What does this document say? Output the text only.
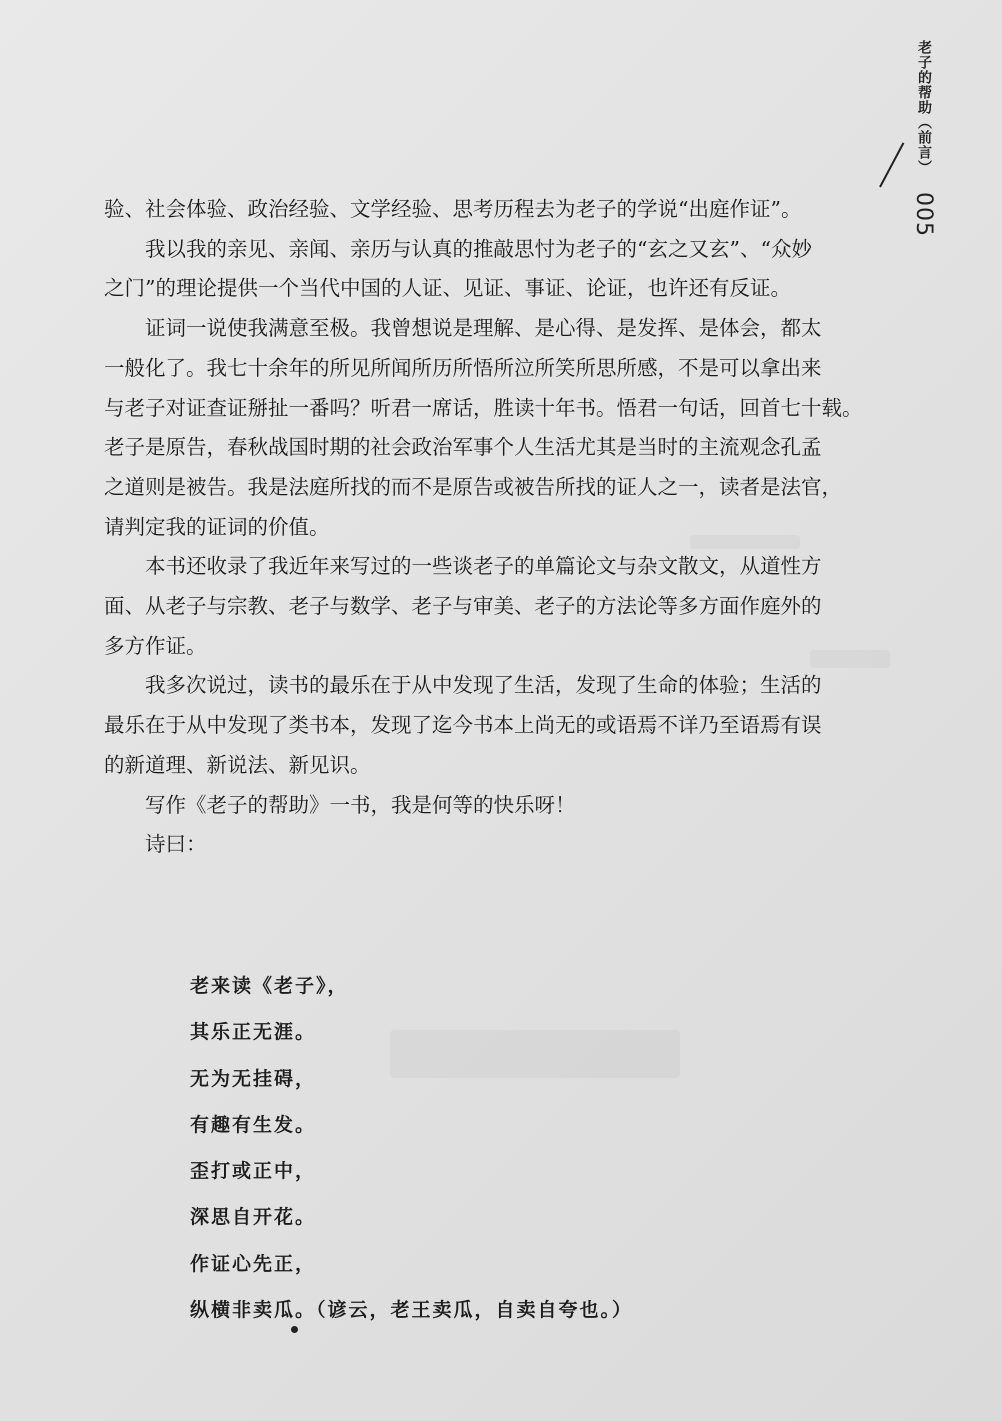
老子的帮助（前言）
005

验、社会体验、政治经验、文学经验、思考历程去为老子的学说“出庭作证”。

我以我的亲见、亲闻、亲历与认真的推敲思忖为老子的“玄之又玄”、“众妙
之门”的理论提供一个当代中国的人证、见证、事证、论证，也许还有反证。

证词一说使我满意至极。我曾想说是理解、是心得、是发挥、是体会，都太
一般化了。我七十余年的所见所闻所历所悟所泣所笑所思所感，不是可以拿出来
与老子对证查证掰扯一番吗？听君一席话，胜读十年书。悟君一句话，回首七十载。
老子是原告，春秋战国时期的社会政治军事个人生活尤其是当时的主流观念孔孟
之道则是被告。我是法庭所找的而不是原告或被告所找的证人之一，读者是法官，
请判定我的证词的价值。

本书还收录了我近年来写过的一些谈老子的单篇论文与杂文散文，从道性方
面、从老子与宗教、老子与数学、老子与审美、老子的方法论等多方面作庭外的
多方作证。

我多次说过，读书的最乐在于从中发现了生活，发现了生命的体验；生活的
最乐在于从中发现了类书本，发现了迄今书本上尚无的或语焉不详乃至语焉有误
的新道理、新说法、新见识。

写作《老子的帮助》一书，我是何等的快乐呀！

诗曰：

老来读《老子》，
其乐正无涯。
无为无挂碍，
有趣有生发。
歪打或正中，
深思自开花。
作证心先正，
纵横非卖瓜。（谚云，老王卖瓜，自卖自夸也。）
